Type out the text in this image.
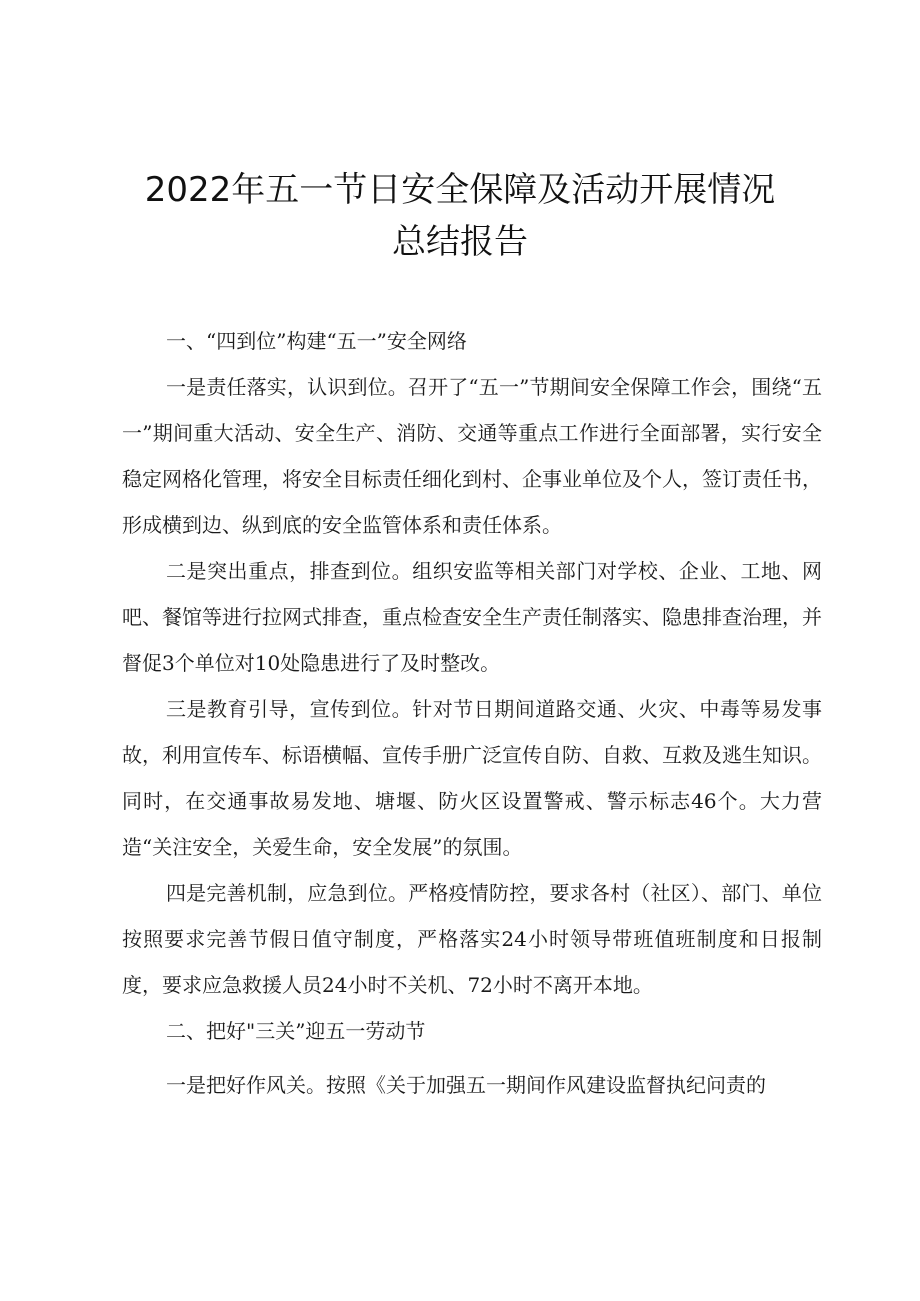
2022年五一节日安全保障及活动开展情况
总结报告

一、“四到位”构建“五一”安全网络

一是责任落实，认识到位。召开了“五一”节期间安全保障工作会，围绕“五一”期间重大活动、安全生产、消防、交通等重点工作进行全面部署，实行安全稳定网格化管理，将安全目标责任细化到村、企事业单位及个人，签订责任书，形成横到边、纵到底的安全监管体系和责任体系。

二是突出重点，排查到位。组织安监等相关部门对学校、企业、工地、网吧、餐馆等进行拉网式排查，重点检查安全生产责任制落实、隐患排查治理，并督促3个单位对10处隐患进行了及时整改。

三是教育引导，宣传到位。针对节日期间道路交通、火灾、中毒等易发事故，利用宣传车、标语横幅、宣传手册广泛宣传自防、自救、互救及逃生知识。同时，在交通事故易发地、塘堰、防火区设置警戒、警示标志46个。大力营造“关注安全，关爱生命，安全发展”的氛围。

四是完善机制，应急到位。严格疫情防控，要求各村（社区）、部门、单位按照要求完善节假日值守制度，严格落实24小时领导带班值班制度和日报制度，要求应急救援人员24小时不关机、72小时不离开本地。

二、把好"三关”迎五一劳动节

一是把好作风关。按照《关于加强五一期间作风建设监督执纪问责的
